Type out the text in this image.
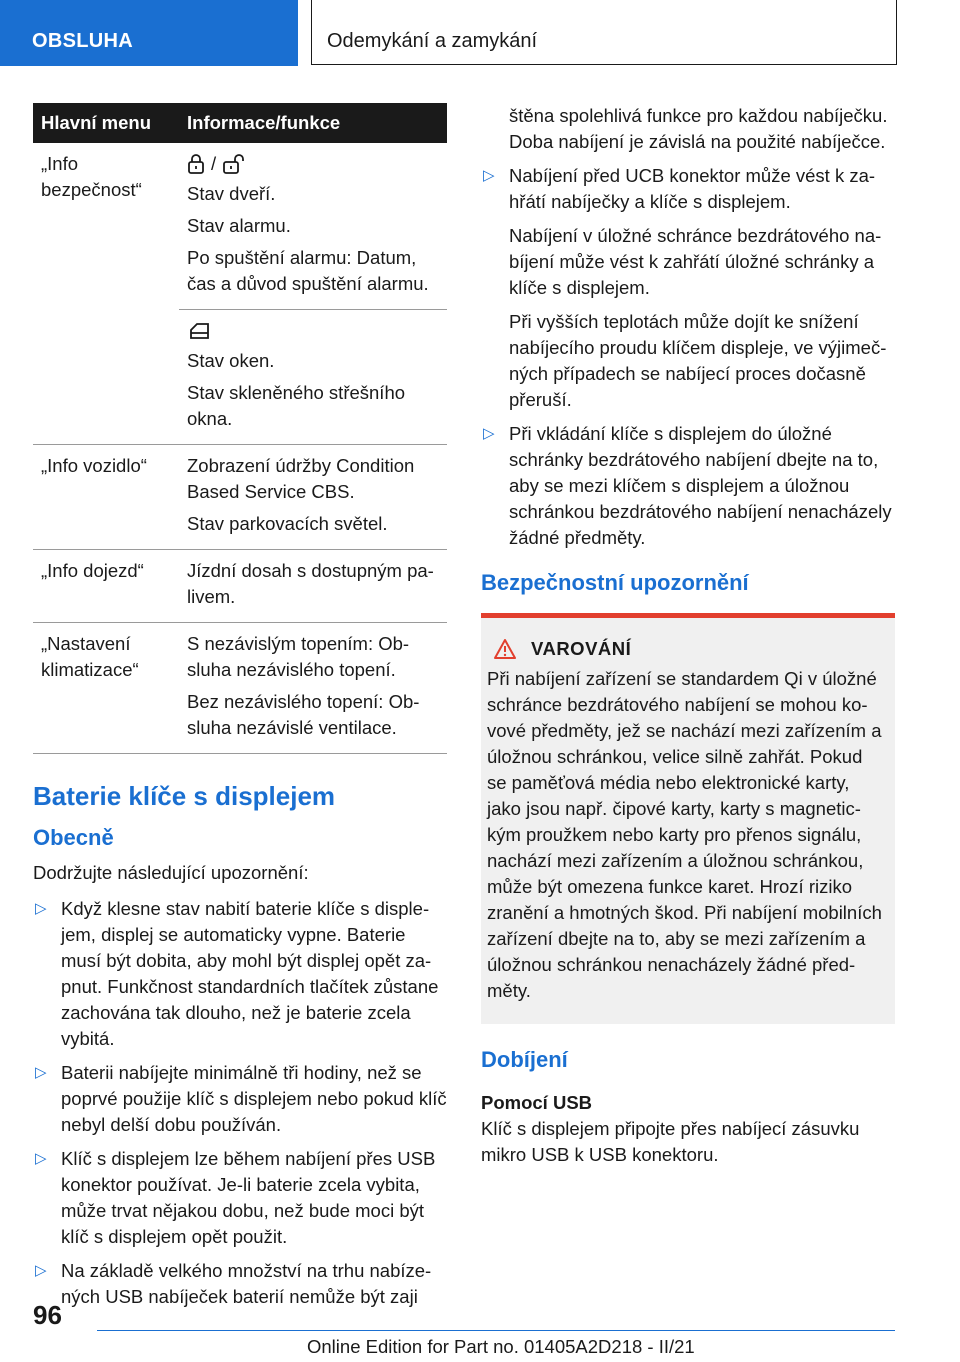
OBSLUHA	Odemykání a zamykání
Hlavní menu	Informace/funkce
„Info bezpečnost“	/

Stav dveří.

Stav alarmu.

Po spuštění alarmu: Datum, čas a důvod spuštění alarmu.

	Stav oken.

Stav skleněného střešního okna.

„Info vozidlo“	Zobrazení údržby Condition Based Service CBS.

Stav parkovacích světel.

„Info dojezd“	Jízdní dosah s dostupným palivem.

„Nastavení klimatizace“	S nezávislým topením: Obsluha nezávislého topení.

Bez nezávislého topení: Obsluha nezávislé ventilace.

Baterie klíče s displejem
Obecně

Dodržujte následující upozornění:

▷ Když klesne stav nabití baterie klíče s displejem, displej se automaticky vypne. Baterie musí být dobita, aby mohl být displej opět zapnut. Funkčnost standardních tlačítek zůstane zachována tak dlouho, než je baterie zcela vybitá.
▷ Baterii nabíjejte minimálně tři hodiny, než se poprvé použije klíč s displejem nebo pokud klíč nebyl delší dobu používán.
▷ Klíč s displejem lze během nabíjení přes USB konektor používat. Je-li baterie zcela vybita, může trvat nějakou dobu, než bude moci být klíč s displejem opět použit.
▷ Na základě velkého množství na trhu nabízených USB nabíječek baterií nemůže být zaji

štěna spolehlivá funkce pro každou nabíječku. Doba nabíjení je závislá na použité nabíječce.

▷ Nabíjení před UCB konektor může vést k zahřátí nabíječky a klíče s displejem.

Nabíjení v úložné schránce bezdrátového nabíjení může vést k zahřátí úložné schránky a klíče s displejem.

Při vyšších teplotách může dojít ke snížení nabíjecího proudu klíčem displeje, ve výjimečných případech se nabíjecí proces dočasně přeruší.

▷ Při vkládání klíče s displejem do úložné schránky bezdrátového nabíjení dbejte na to, aby se mezi klíčem s displejem a úložnou schránkou bezdrátového nabíjení nenacházely žádné předměty.
Bezpečnostní upozornění
VAROVÁNÍ
Při nabíjení zařízení se standardem Qi v úložné schránce bezdrátového nabíjení se mohou kovové předměty, jež se nachází mezi zařízením a úložnou schránkou, velice silně zahřát. Pokud se paměťová média nebo elektronické karty, jako jsou např. čipové karty, karty s magnetickým proužkem nebo karty pro přenos signálu, nachází mezi zařízením a úložnou schránkou, může být omezena funkce karet. Hrozí riziko zranění a hmotných škod. Při nabíjení mobilních zařízení dbejte na to, aby se mezi zařízením a úložnou schránkou nenacházely žádné předměty.
Dobíjení
Pomocí USB

Klíč s displejem připojte přes nabíjecí zásuvku mikro USB k USB konektoru.

96
Online Edition for Part no. 01405A2D218 - II/21
